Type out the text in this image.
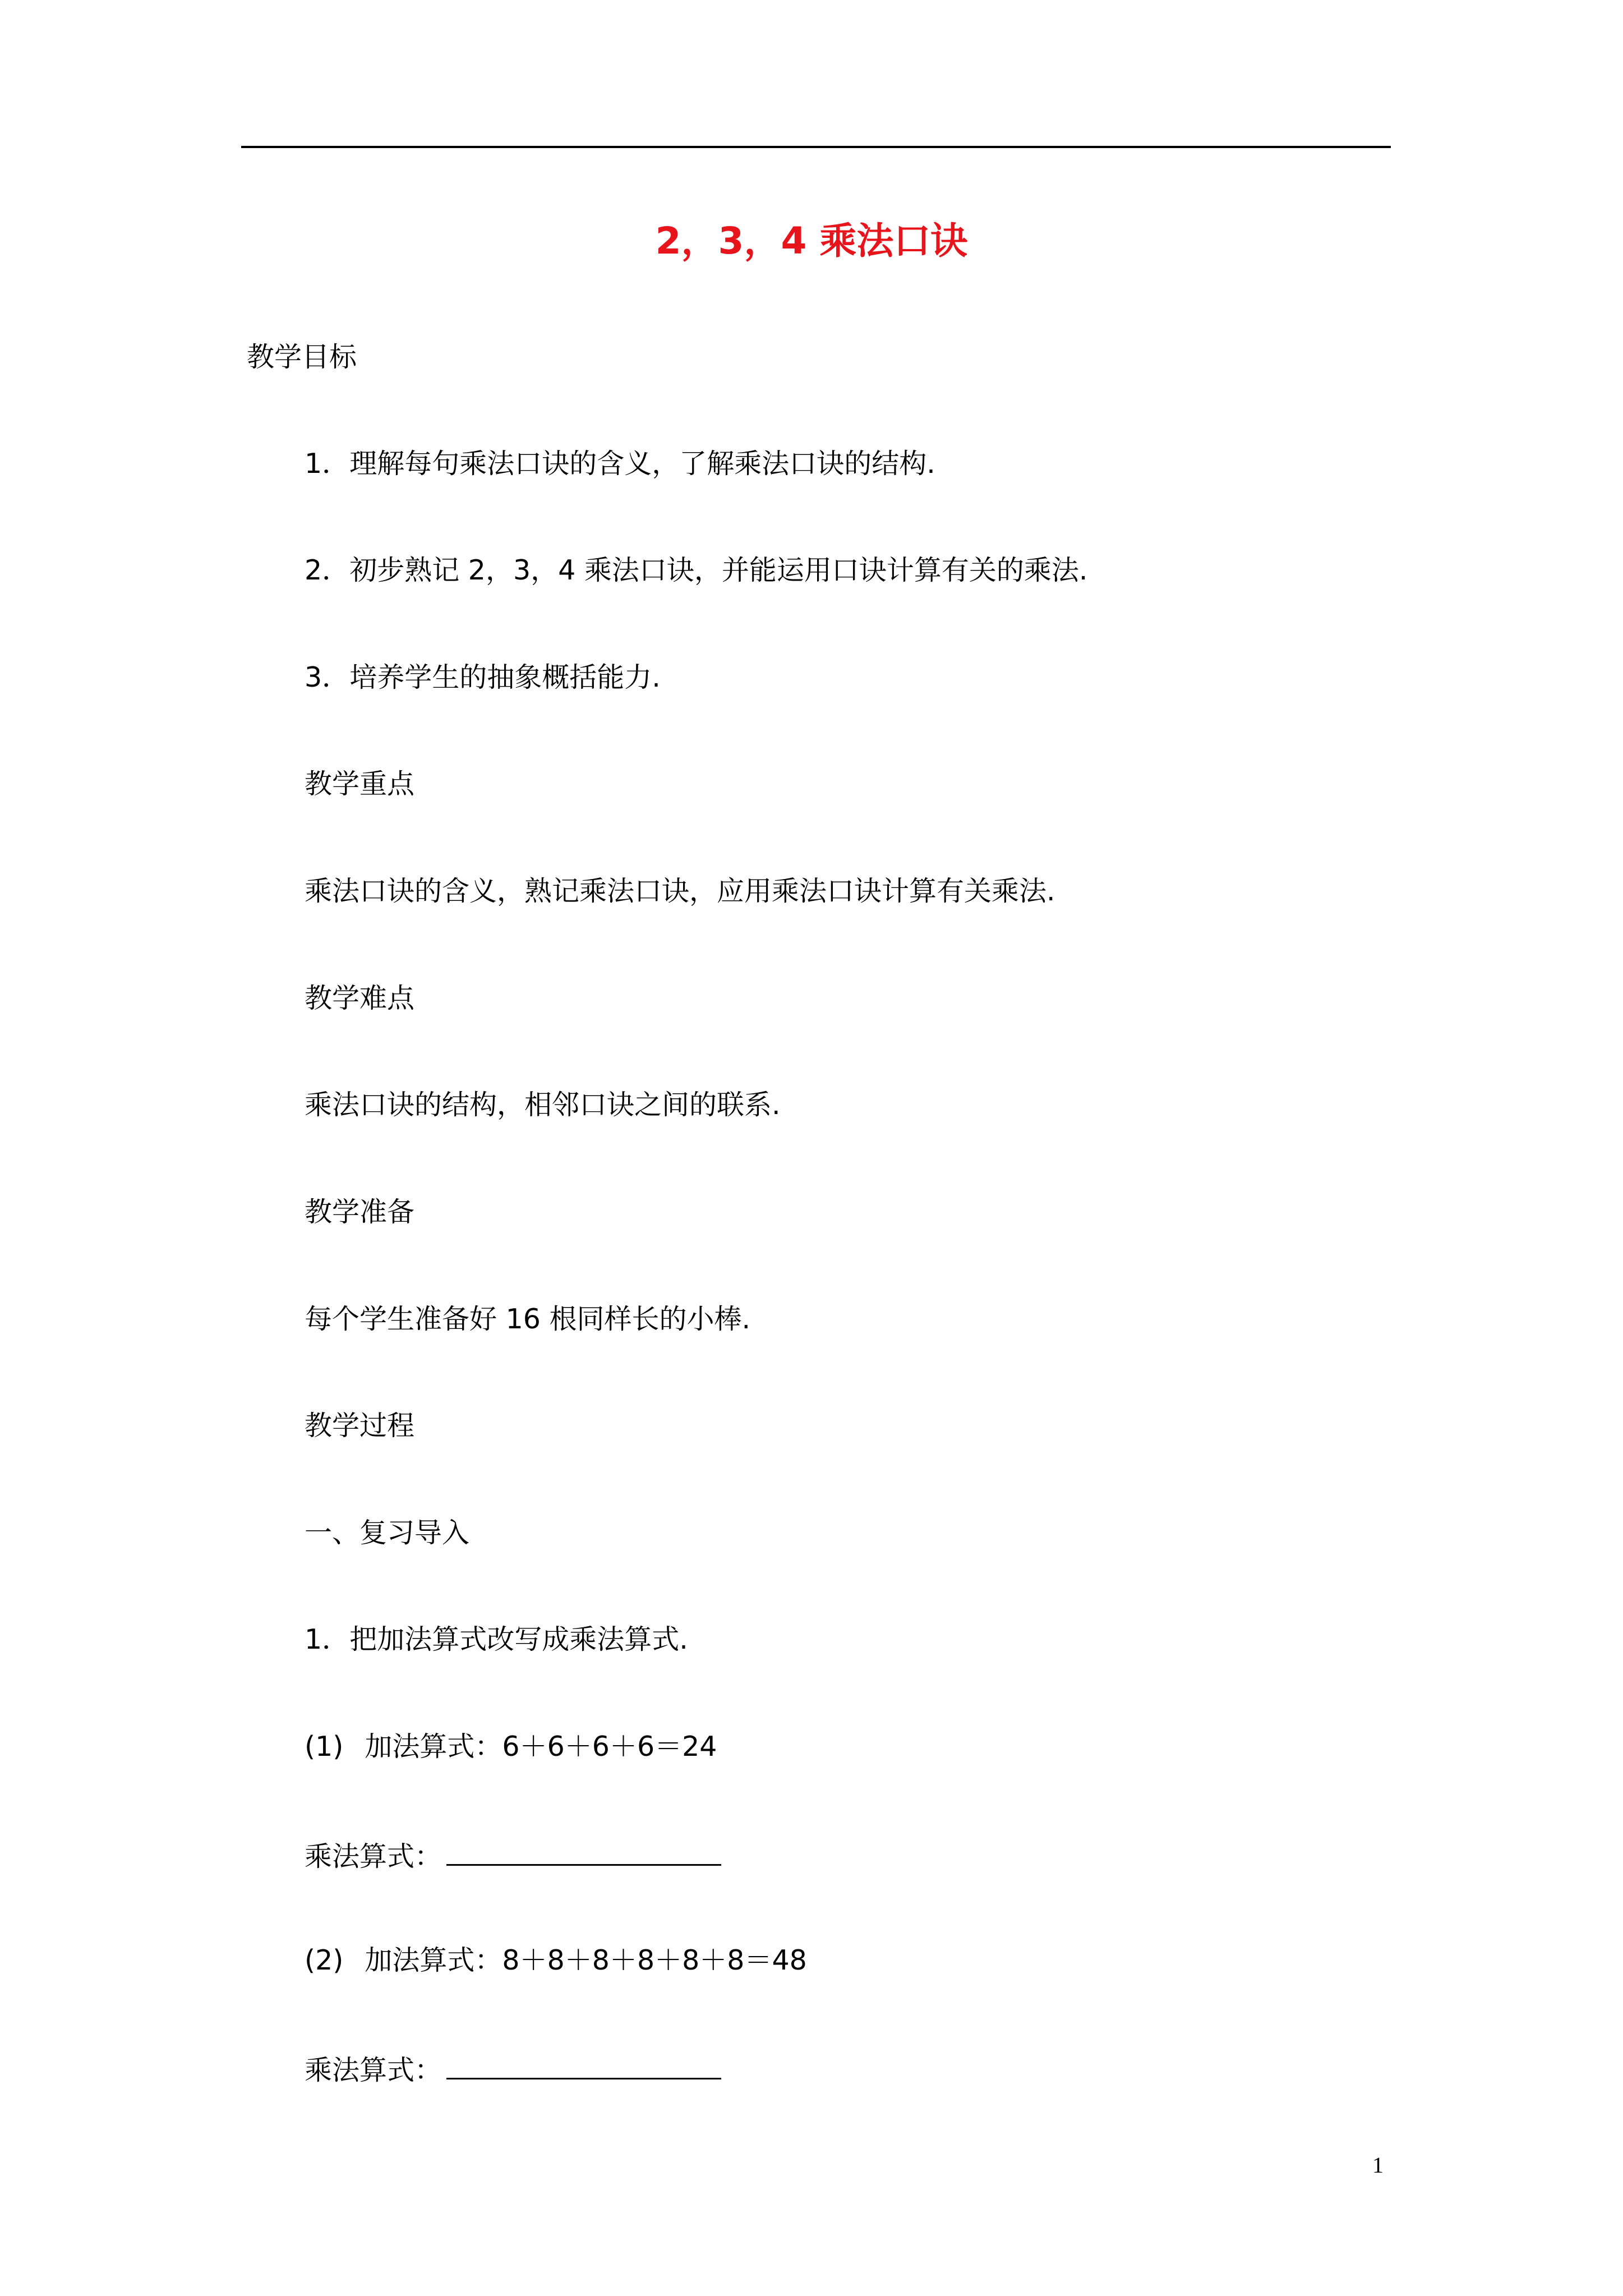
2，3，4 乘法口诀
教学目标
1．理解每句乘法口诀的含义，了解乘法口诀的结构.
2．初步熟记 2，3，4 乘法口诀，并能运用口诀计算有关的乘法.
3．培养学生的抽象概括能力.
教学重点
乘法口诀的含义，熟记乘法口诀，应用乘法口诀计算有关乘法.
教学难点
乘法口诀的结构，相邻口诀之间的联系.
教学准备
每个学生准备好 16 根同样长的小棒.
教学过程
一、复习导入
1．把加法算式改写成乘法算式.
(1) 加法算式：6＋6＋6＋6＝24
乘法算式：
(2) 加法算式：8＋8＋8＋8＋8＋8＝48
乘法算式：
1
